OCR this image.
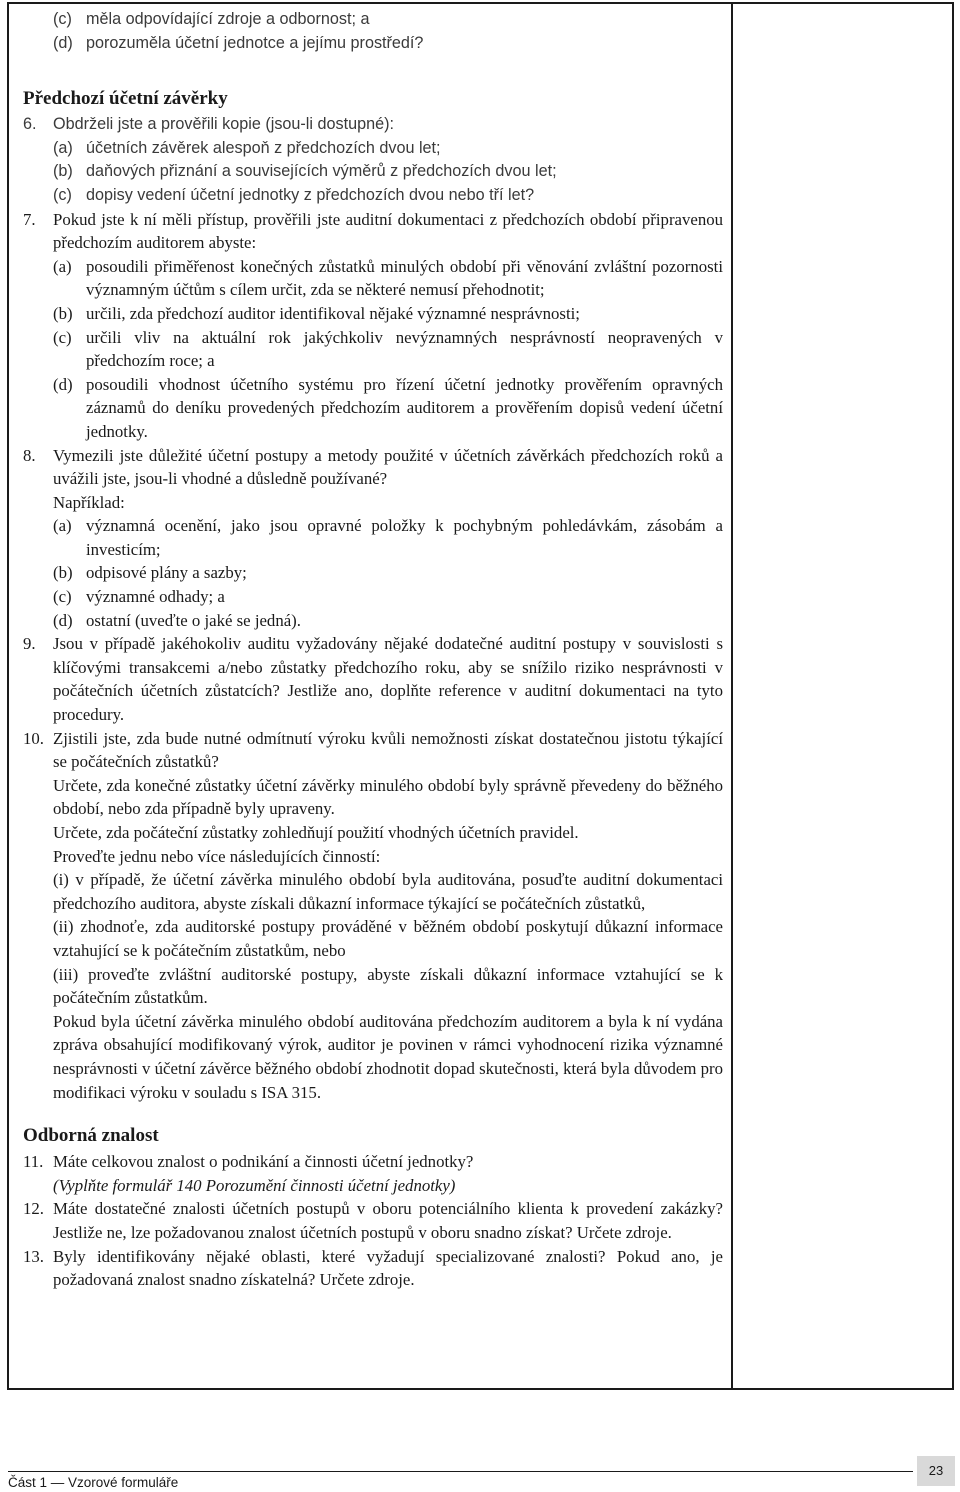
(c) měla odpovídající zdroje a odbornost; a
(d) porozuměla účetní jednotce a jejímu prostředí?
Předchozí účetní závěrky
6.	Obdrželi jste a prověřili kopie (jsou-li dostupné):
(a) účetních závěrek alespoň z předchozích dvou let;
(b) daňových přiznání a souvisejících výměrů z předchozích dvou let;
(c) dopisy vedení účetní jednotky z předchozích dvou nebo tří let?
7.	Pokud jste k ní měli přístup, prověřili jste auditní dokumentaci z předchozích období připravenou předchozím auditorem abyste:
(a) posoudili přiměřenost konečných zůstatků minulých období při věnování zvláštní pozornosti významným účtům s cílem určit, zda se některé nemusí přehodnotit;
(b) určili, zda předchozí auditor identifikoval nějaké významné nesprávnosti;
(c) určili vliv na aktuální rok jakýchkoliv nevýznamných nesprávností neopravených v předchozím roce; a
(d) posoudili vhodnost účetního systému pro řízení účetní jednotky prověřením opravných záznamů do deníku provedených předchozím auditorem a prověřením dopisů vedení účetní jednotky.
8.	Vymezili jste důležité účetní postupy a metody použité v účetních závěrkách předchozích roků a uvážili jste, jsou-li vhodné a důsledně používané?
Například:
(a) významná ocenění, jako jsou opravné položky k pochybným pohledávkám, zásobám a investicím;
(b) odpisové plány a sazby;
(c) významné odhady; a
(d) ostatní (uveďte o jaké se jedná).
9.	Jsou v případě jakéhokoliv auditu vyžadovány nějaké dodatečné auditní postupy v souvislosti s klíčovými transakcemi a/nebo zůstatky předchozího roku, aby se snížilo riziko nesprávnosti v počátečních účetních zůstatcích? Jestliže ano, doplňte reference v auditní dokumentaci na tyto procedury.
10. Zjistili jste, zda bude nutné odmítnutí výroku kvůli nemožnosti získat dostatečnou jistotu týkající se počátečních zůstatků?
Určete, zda konečné zůstatky účetní závěrky minulého období byly správně převedeny do běžného období, nebo zda případně byly upraveny.
Určete, zda počáteční zůstatky zohledňují použití vhodných účetních pravidel.
Proveďte jednu nebo více následujících činností:
(i) v případě, že účetní závěrka minulého období byla auditována, posuďte auditní dokumentaci předchozího auditora, abyste získali důkazní informace týkající se počátečních zůstatků,
(ii) zhodnoťe, zda auditorské postupy prováděné v běžném období poskytují důkazní informace vztahující se k počátečním zůstatkům, nebo
(iii) proveďte zvláštní auditorské postupy, abyste získali důkazní informace vztahující se k počátečním zůstatkům.
Pokud byla účetní závěrka minulého období auditována předchozím auditorem a byla k ní vydána zpráva obsahující modifikovaný výrok, auditor je povinen v rámci vyhodnocení rizika významné nesprávnosti v účetní závěrce běžného období zhodnotit dopad skutečnosti, která byla důvodem pro modifikaci výroku v souladu s ISA 315.
Odborná znalost
11. Máte celkovou znalost o podnikání a činnosti účetní jednotky?
(Vyplňte formulář 140 Porozumění činnosti účetní jednotky)
12. Máte dostatečné znalosti účetních postupů v oboru potenciálního klienta k provedení zakázky? Jestliže ne, lze požadovanou znalost účetních postupů v oboru snadno získat? Určete zdroje.
13. Byly identifikovány nějaké oblasti, které vyžadují specializované znalosti? Pokud ano, je požadovaná znalost snadno získatelná? Určete zdroje.
Část 1 — Vzorové formuláře
23
